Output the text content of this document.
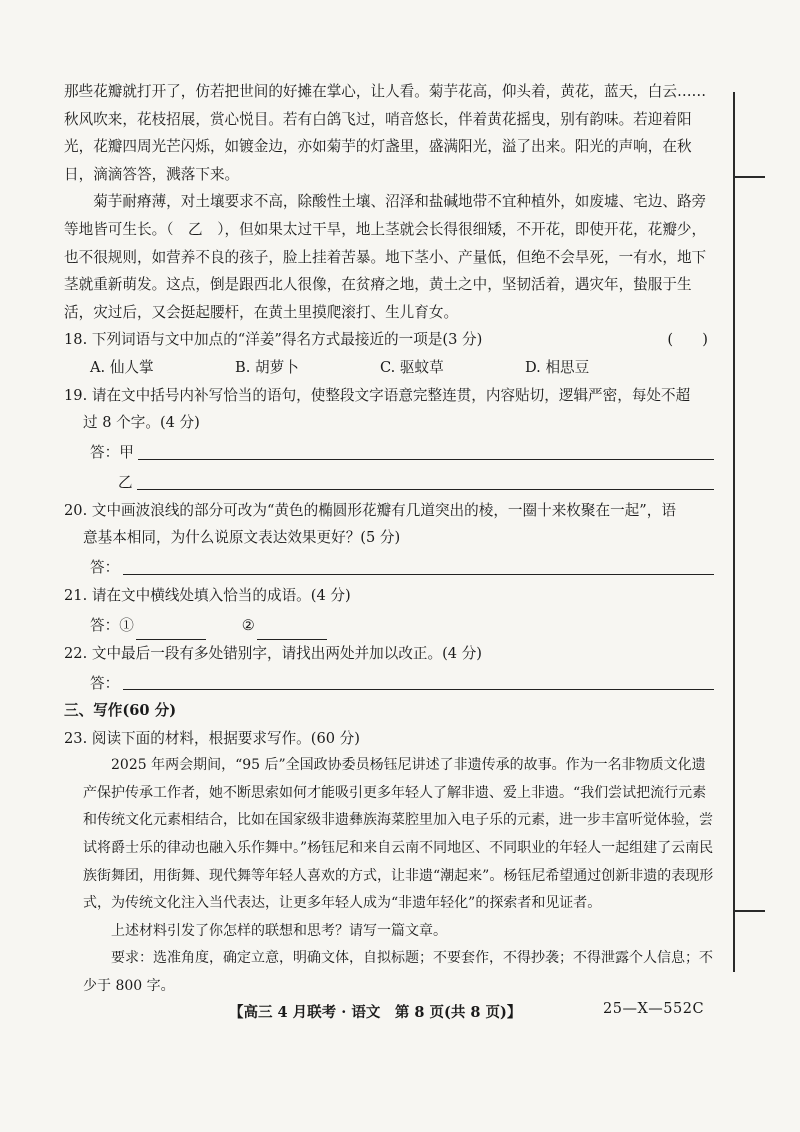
那些花瓣就打开了，仿若把世间的好摊在掌心，让人看。菊芋花高，仰头着，黄花，蓝天，白云……秋风吹来，花枝招展，赏心悦目。若有白鸽飞过，哨音悠长，伴着黄花摇曳，别有韵味。若迎着阳光，花瓣四周光芒闪烁，如镀金边，亦如菊芋的灯盏里，盛满阳光，溢了出来。阳光的声响，在秋日，滴滴答答，溅落下来。

菊芋耐瘠薄，对土壤要求不高，除酸性土壤、沼泽和盐碱地带不宜种植外，如废墟、宅边、路旁等地皆可生长。（　乙　），但如果太过干旱，地上茎就会长得很细矮，不开花，即使开花，花瓣少，也不很规则，如营养不良的孩子，脸上挂着苦暴。地下茎小、产量低，但绝不会旱死，一有水，地下茎就重新萌发。这点，倒是跟西北人很像，在贫瘠之地，黄土之中，坚韧活着，遇灾年，蛰服于生活，灾过后，又会挺起腰杆，在黄土里摸爬滚打、生儿育女。

18. 下列词语与文中加点的“洋姜”得名方式最接近的一项是(3 分)	(　　)
A. 仙人掌	B. 胡萝卜	C. 驱蚊草	D. 相思豆
19. 请在文中括号内补写恰当的语句，使整段文字语意完整连贯，内容贴切，逻辑严密，每处不超
过 8 个字。(4 分)
答：甲
乙
20. 文中画波浪线的部分可改为“黄色的椭圆形花瓣有几道突出的棱，一圈十来枚聚在一起”，语
意基本相同，为什么说原文表达效果更好？(5 分)
答：
21. 请在文中横线处填入恰当的成语。(4 分)
答：①	②
22. 文中最后一段有多处错别字，请找出两处并加以改正。(4 分)
答：

三、写作(60 分)

23. 阅读下面的材料，根据要求写作。(60 分)

2025 年两会期间，“95 后”全国政协委员杨钰尼讲述了非遗传承的故事。作为一名非物质文化遗产保护传承工作者，她不断思索如何才能吸引更多年轻人了解非遗、爱上非遗。“我们尝试把流行元素和传统文化元素相结合，比如在国家级非遗彝族海菜腔里加入电子乐的元素，进一步丰富听觉体验，尝试将爵士乐的律动也融入乐作舞中。”杨钰尼和来自云南不同地区、不同职业的年轻人一起组建了云南民族街舞团，用街舞、现代舞等年轻人喜欢的方式，让非遗“潮起来”。杨钰尼希望通过创新非遗的表现形式，为传统文化注入当代表达，让更多年轻人成为“非遗年轻化”的探索者和见证者。

上述材料引发了你怎样的联想和思考？请写一篇文章。

要求：选准角度，确定立意，明确文体，自拟标题；不要套作，不得抄袭；不得泄露个人信息；不少于 800 字。

【高三 4 月联考 · 语文　第 8 页(共 8 页)】	25—X—552C
